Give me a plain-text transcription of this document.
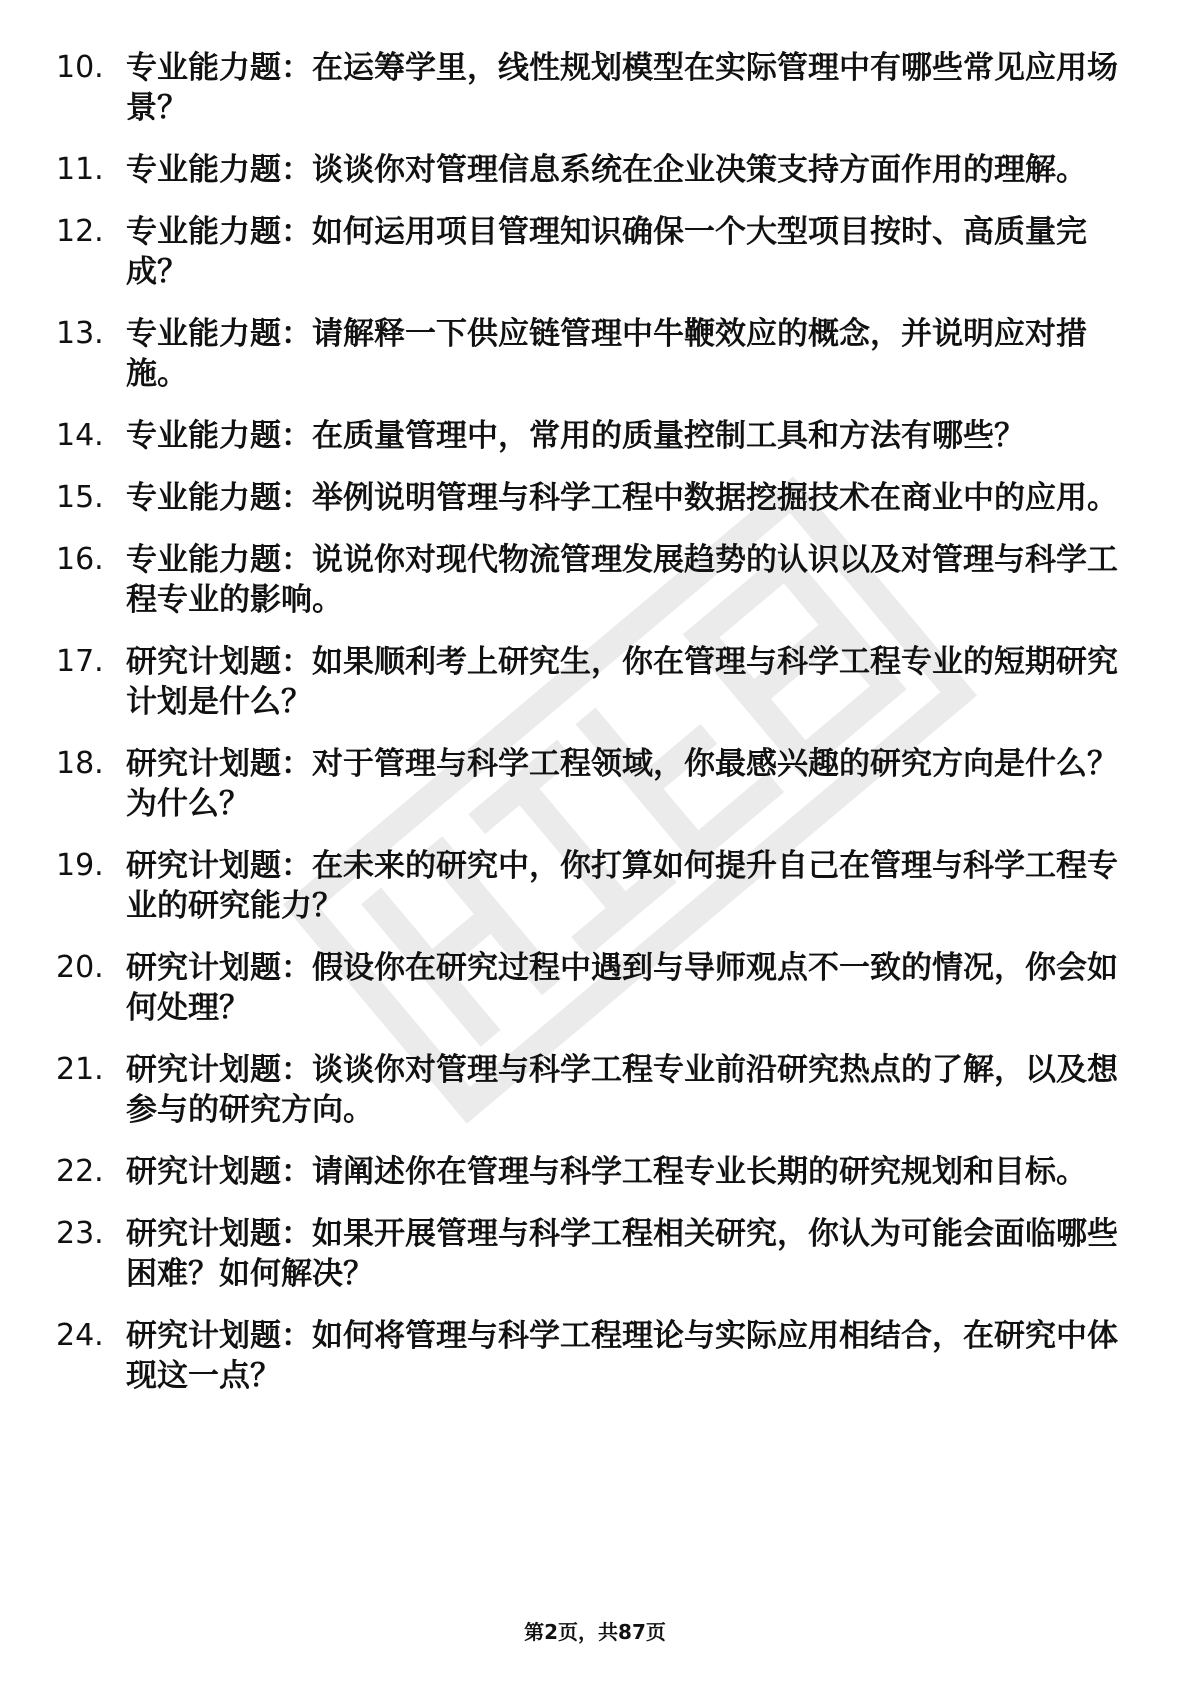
10. 专业能力题：在运筹学里，线性规划模型在实际管理中有哪些常见应用场景？
11. 专业能力题：谈谈你对管理信息系统在企业决策支持方面作用的理解。
12. 专业能力题：如何运用项目管理知识确保一个大型项目按时、高质量完成？
13. 专业能力题：请解释一下供应链管理中牛鞭效应的概念，并说明应对措施。
14. 专业能力题：在质量管理中，常用的质量控制工具和方法有哪些？
15. 专业能力题：举例说明管理与科学工程中数据挖掘技术在商业中的应用。
16. 专业能力题：说说你对现代物流管理发展趋势的认识以及对管理与科学工程专业的影响。
17. 研究计划题：如果顺利考上研究生，你在管理与科学工程专业的短期研究计划是什么？
18. 研究计划题：对于管理与科学工程领域，你最感兴趣的研究方向是什么？为什么？
19. 研究计划题：在未来的研究中，你打算如何提升自己在管理与科学工程专业的研究能力？
20. 研究计划题：假设你在研究过程中遇到与导师观点不一致的情况，你会如何处理？
21. 研究计划题：谈谈你对管理与科学工程专业前沿研究热点的了解，以及想参与的研究方向。
22. 研究计划题：请阐述你在管理与科学工程专业长期的研究规划和目标。
23. 研究计划题：如果开展管理与科学工程相关研究，你认为可能会面临哪些困难？如何解决？
24. 研究计划题：如何将管理与科学工程理论与实际应用相结合，在研究中体现这一点？
第2页，共87页
